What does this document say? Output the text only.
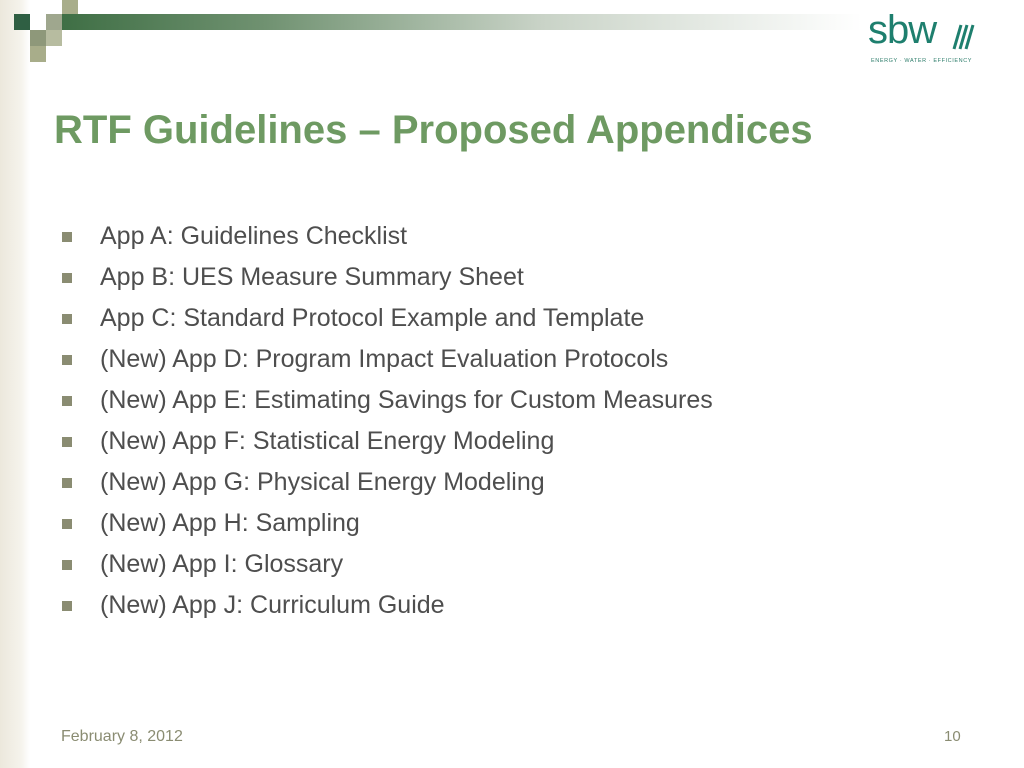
sbw
ENERGY · WATER · EFFICIENCY
RTF Guidelines – Proposed Appendices
App A: Guidelines Checklist
App B: UES Measure Summary Sheet
App C: Standard Protocol Example and Template
(New) App D: Program Impact Evaluation Protocols
(New) App E: Estimating Savings for Custom Measures
(New) App F: Statistical Energy Modeling
(New) App G: Physical Energy Modeling
(New) App H: Sampling
(New) App I: Glossary
(New) App J: Curriculum Guide
February 8, 2012	10
